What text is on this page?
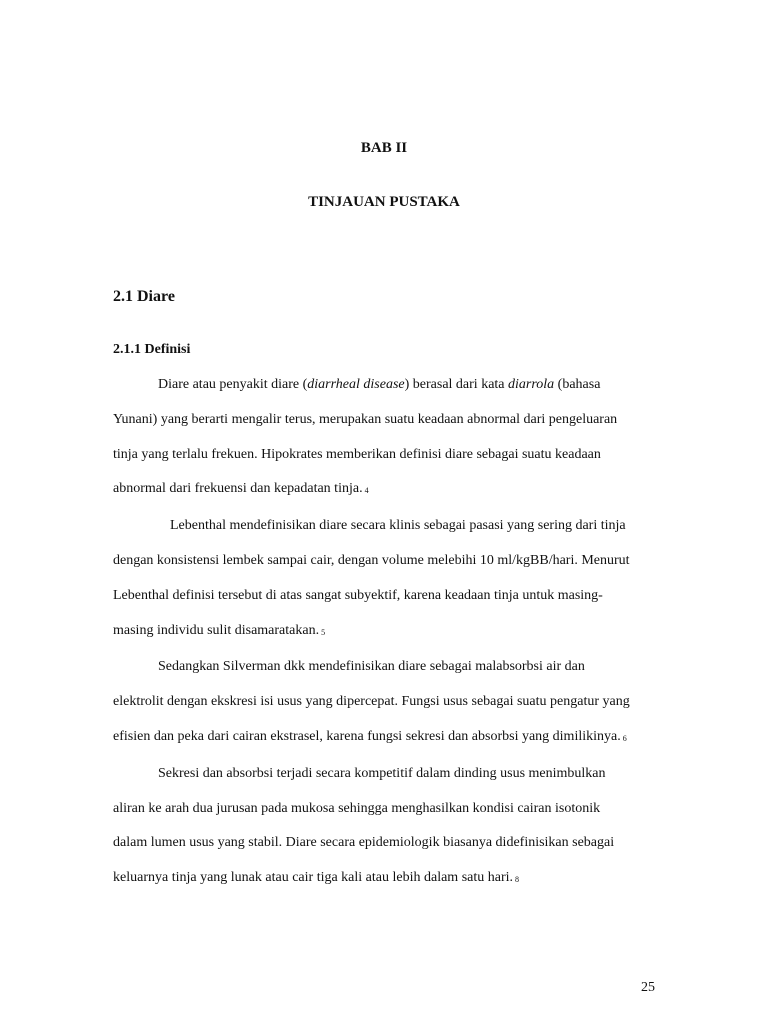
BAB II
TINJAUAN PUSTAKA
2.1 Diare
2.1.1 Definisi

Diare atau penyakit diare (diarrheal disease) berasal dari kata diarrola (bahasa Yunani) yang berarti mengalir terus, merupakan suatu keadaan abnormal dari pengeluaran tinja yang terlalu frekuen. Hipokrates memberikan definisi diare sebagai suatu keadaan abnormal dari frekuensi dan kepadatan tinja. 4

Lebenthal mendefinisikan diare secara klinis sebagai pasasi yang sering dari tinja dengan konsistensi lembek sampai cair, dengan volume melebihi 10 ml/kgBB/hari. Menurut Lebenthal definisi tersebut di atas sangat subyektif, karena keadaan tinja untuk masing-masing individu sulit disamaratakan. 5

Sedangkan Silverman dkk mendefinisikan diare sebagai malabsorbsi air dan elektrolit dengan ekskresi isi usus yang dipercepat. Fungsi usus sebagai suatu pengatur yang efisien dan peka dari cairan ekstrasel, karena fungsi sekresi dan absorbsi yang dimilikinya. 6

Sekresi dan absorbsi terjadi secara kompetitif dalam dinding usus menimbulkan aliran ke arah dua jurusan pada mukosa sehingga menghasilkan kondisi cairan isotonik dalam lumen usus yang stabil. Diare secara epidemiologik biasanya didefinisikan sebagai keluarnya tinja yang lunak atau cair tiga kali atau lebih dalam satu hari. 8

25
